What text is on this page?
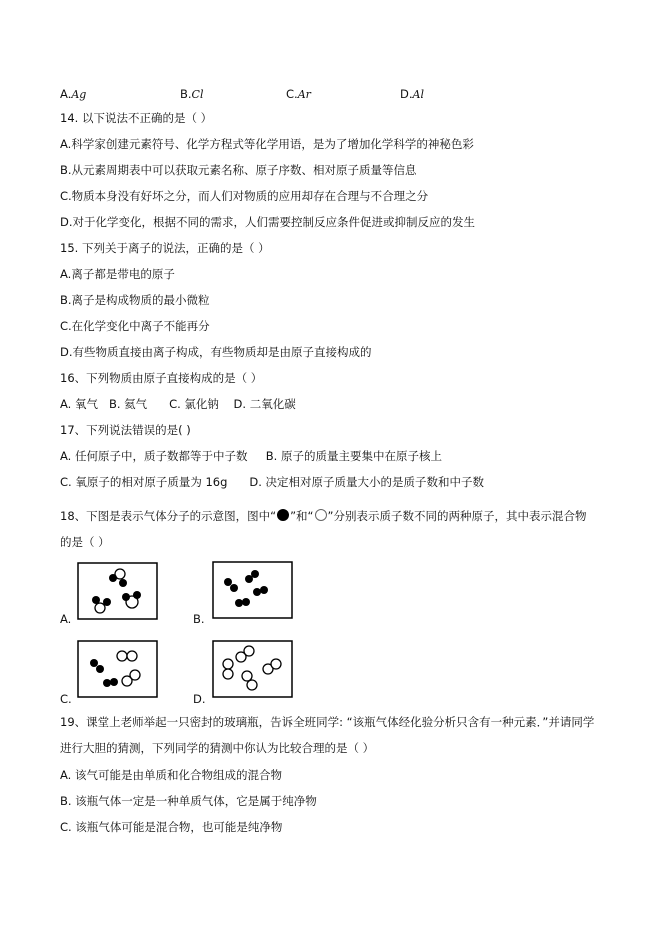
A.Ag	B.Cl	C.Ar	D.Al
14. 以下说法不正确的是（ ）
A.科学家创建元素符号、化学方程式等化学用语，是为了增加化学科学的神秘色彩
B.从元素周期表中可以获取元素名称、原子序数、相对原子质量等信息
C.物质本身没有好坏之分，而人们对物质的应用却存在合理与不合理之分
D.对于化学变化，根据不同的需求，人们需要控制反应条件促进或抑制反应的发生
15. 下列关于离子的说法，正确的是（ ）
A.离子都是带电的原子
B.离子是构成物质的最小微粒
C.在化学变化中离子不能再分
D.有些物质直接由离子构成，有些物质却是由原子直接构成的
16、下列物质由原子直接构成的是（ ）
A. 氧气   B. 氦气      C. 氯化钠    D. 二氧化碳
17、下列说法错误的是( )
A. 任何原子中，质子数都等于中子数     B. 原子的质量主要集中在原子核上
C. 氧原子的相对原子质量为 16g      D. 决定相对原子质量大小的是质子数和中子数
18、下图是表示气体分子的示意图，图中“ ”和“ ”分别表示质子数不同的两种原子，其中表示混合物
的是（ ）
A.	B.
C.	D.
19、课堂上老师举起一只密封的玻璃瓶，告诉全班同学: “该瓶气体经化验分析只含有一种元素．”并请同学
进行大胆的猜测，下列同学的猜测中你认为比较合理的是（ ）
A. 该气可能是由单质和化合物组成的混合物
B. 该瓶气体一定是一种单质气体，它是属于纯净物
C. 该瓶气体可能是混合物，也可能是纯净物
